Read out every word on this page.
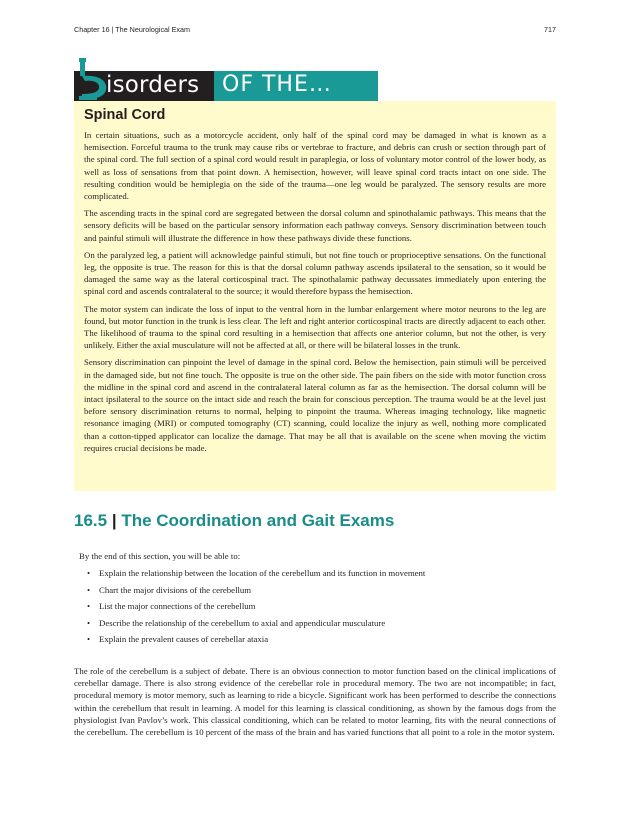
Chapter 16 | The Neurological Exam	717
isorders OF THE…
Spinal Cord

In certain situations, such as a motorcycle accident, only half of the spinal cord may be damaged in what is known as a hemisection. Forceful trauma to the trunk may cause ribs or vertebrae to fracture, and debris can crush or section through part of the spinal cord. The full section of a spinal cord would result in paraplegia, or loss of voluntary motor control of the lower body, as well as loss of sensations from that point down. A hemisection, however, will leave spinal cord tracts intact on one side. The resulting condition would be hemiplegia on the side of the trauma—one leg would be paralyzed. The sensory results are more complicated.

The ascending tracts in the spinal cord are segregated between the dorsal column and spinothalamic pathways. This means that the sensory deficits will be based on the particular sensory information each pathway conveys. Sensory discrimination between touch and painful stimuli will illustrate the difference in how these pathways divide these functions.

On the paralyzed leg, a patient will acknowledge painful stimuli, but not fine touch or proprioceptive sensations. On the functional leg, the opposite is true. The reason for this is that the dorsal column pathway ascends ipsilateral to the sensation, so it would be damaged the same way as the lateral corticospinal tract. The spinothalamic pathway decussates immediately upon entering the spinal cord and ascends contralateral to the source; it would therefore bypass the hemisection.

The motor system can indicate the loss of input to the ventral horn in the lumbar enlargement where motor neurons to the leg are found, but motor function in the trunk is less clear. The left and right anterior corticospinal tracts are directly adjacent to each other. The likelihood of trauma to the spinal cord resulting in a hemisection that affects one anterior column, but not the other, is very unlikely. Either the axial musculature will not be affected at all, or there will be bilateral losses in the trunk.

Sensory discrimination can pinpoint the level of damage in the spinal cord. Below the hemisection, pain stimuli will be perceived in the damaged side, but not fine touch. The opposite is true on the other side. The pain fibers on the side with motor function cross the midline in the spinal cord and ascend in the contralateral lateral column as far as the hemisection. The dorsal column will be intact ipsilateral to the source on the intact side and reach the brain for conscious perception. The trauma would be at the level just before sensory discrimination returns to normal, helping to pinpoint the trauma. Whereas imaging technology, like magnetic resonance imaging (MRI) or computed tomography (CT) scanning, could localize the injury as well, nothing more complicated than a cotton-tipped applicator can localize the damage. That may be all that is available on the scene when moving the victim requires crucial decisions be made.

16.5 | The Coordination and Gait Exams

By the end of this section, you will be able to:

• Explain the relationship between the location of the cerebellum and its function in movement
• Chart the major divisions of the cerebellum
• List the major connections of the cerebellum
• Describe the relationship of the cerebellum to axial and appendicular musculature
• Explain the prevalent causes of cerebellar ataxia

The role of the cerebellum is a subject of debate. There is an obvious connection to motor function based on the clinical implications of cerebellar damage. There is also strong evidence of the cerebellar role in procedural memory. The two are not incompatible; in fact, procedural memory is motor memory, such as learning to ride a bicycle. Significant work has been performed to describe the connections within the cerebellum that result in learning. A model for this learning is classical conditioning, as shown by the famous dogs from the physiologist Ivan Pavlov’s work. This classical conditioning, which can be related to motor learning, fits with the neural connections of the cerebellum. The cerebellum is 10 percent of the mass of the brain and has varied functions that all point to a role in the motor system.
